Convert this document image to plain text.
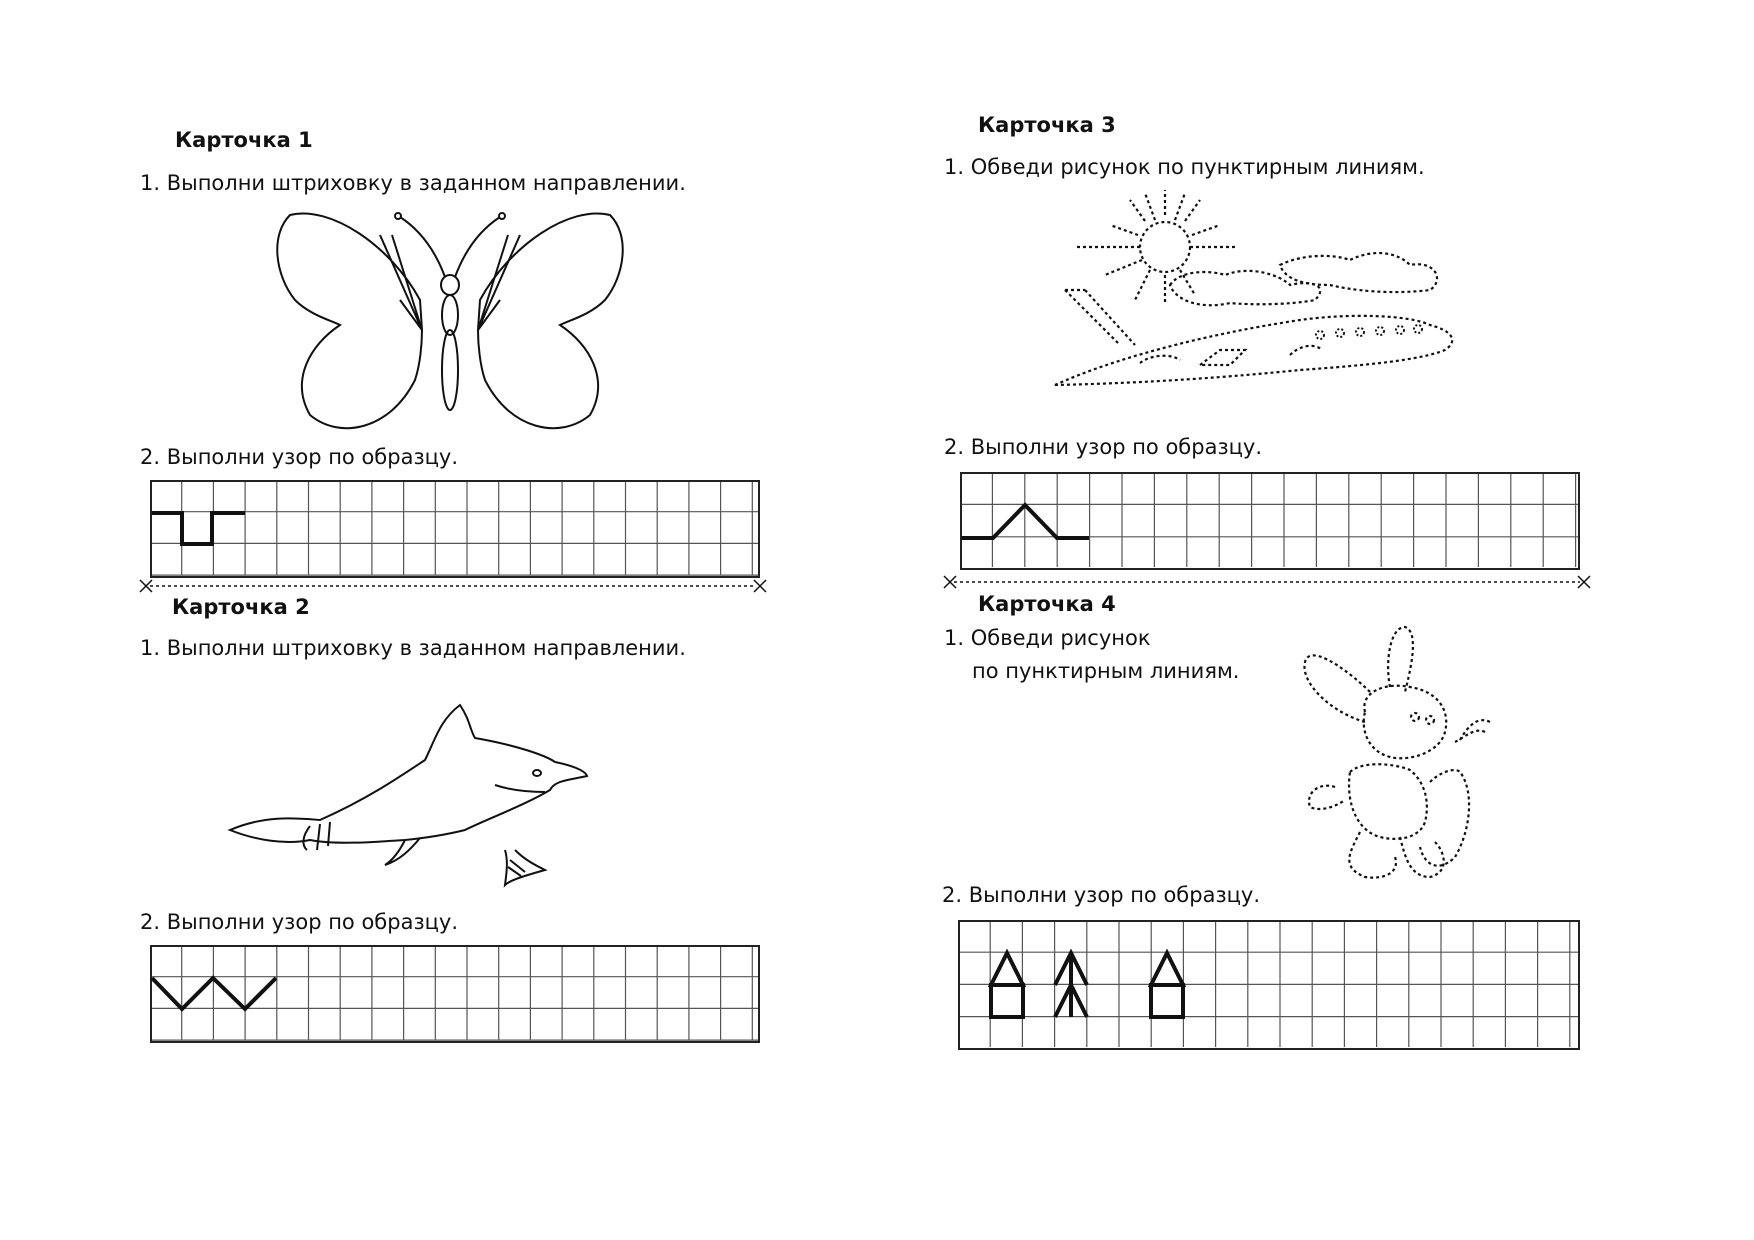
Карточка 1
1. Выполни штриховку в заданном направлении.
2. Выполни узор по образцу.
Карточка 2
1. Выполни штриховку в заданном направлении.
2. Выполни узор по образцу.
Карточка 3
1. Обведи рисунок по пунктирным линиям.
2. Выполни узор по образцу.
Карточка 4
1. Обведи рисунок
по пунктирным линиям.
2. Выполни узор по образцу.
